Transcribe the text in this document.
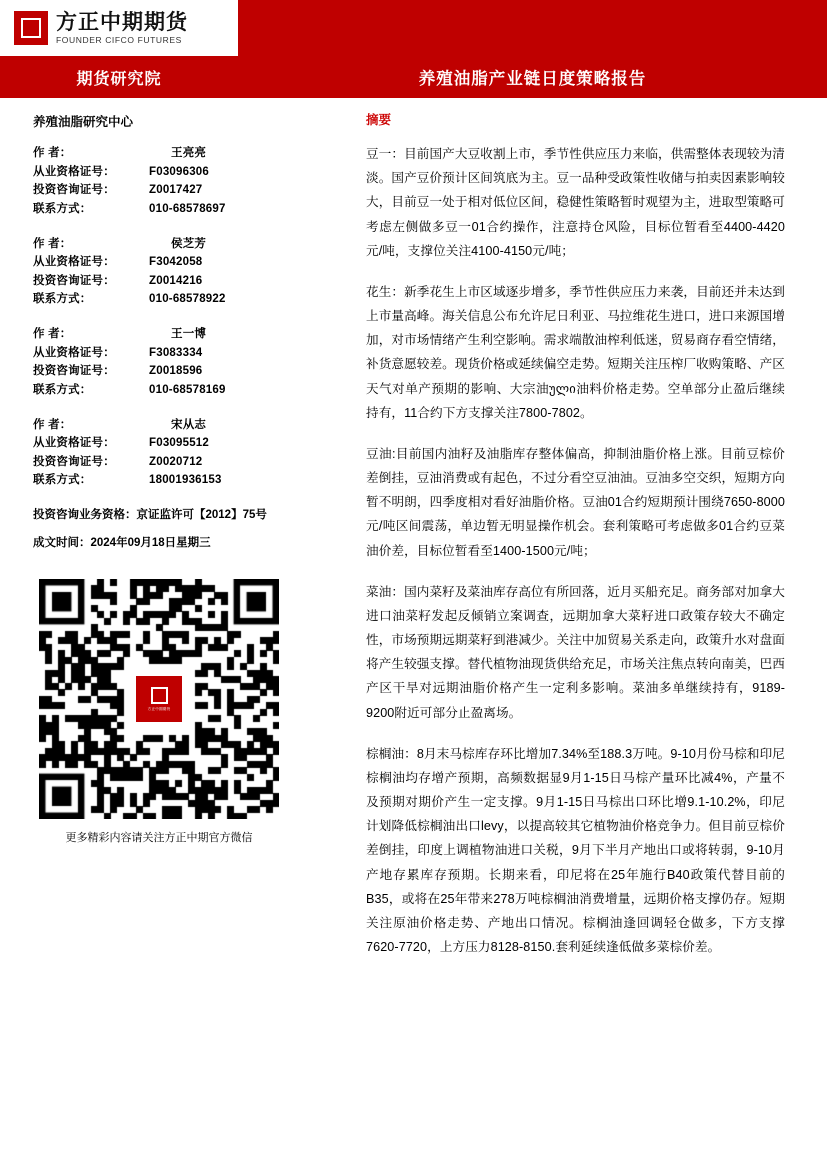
方正中期期货
FOUNDER CIFCO FUTURES
期货研究院	养殖油脂产业链日度策略报告
养殖油脂研究中心
作 者：	王亮亮
从业资格证号：	F03096306
投资咨询证号：	Z0017427
联系方式：	010-68578697
作 者：	侯芝芳
从业资格证号：	F3042058
投资咨询证号：	Z0014216
联系方式：	010-68578922
作 者：	王一博
从业资格证号：	F3083334
投资咨询证号：	Z0018596
联系方式：	010-68578169
作 者：	宋从志
从业资格证号：	F03095512
投资咨询证号：	Z0020712
联系方式：	18001936153
投资咨询业务资格：京证监许可【2012】75号
成文时间：2024年09月18日星期三
方正中期期货
更多精彩内容请关注方正中期官方微信
摘要

豆一：目前国产大豆收割上市，季节性供应压力来临，供需整体表现较为清淡。国产豆价预计区间筑底为主。豆一品种受政策性收储与拍卖因素影响较大，目前豆一处于相对低位区间，稳健性策略暂时观望为主，进取型策略可考虑左侧做多豆一01合约操作，注意持仓风险，目标位暂看至4400-4420元/吨，支撑位关注4100-4150元/吨；

花生：新季花生上市区域逐步增多，季节性供应压力来袭，目前还并未达到上市量高峰。海关信息公布允许尼日利亚、马拉维花生进口，进口来源国增加，对市场情绪产生利空影响。需求端散油榨利低迷，贸易商存看空情绪，补货意愿较差。现货价格或延续偏空走势。短期关注压榨厂收购策略、产区天气对单产预期的影响、大宗油ული油料价格走势。空单部分止盈后继续持有，11合约下方支撑关注7800-7802。

豆油:目前国内油籽及油脂库存整体偏高，抑制油脂价格上涨。目前豆棕价差倒挂，豆油消费或有起色，不过分看空豆油油。豆油多空交织，短期方向暂不明朗，四季度相对看好油脂价格。豆油01合约短期预计围绕7650-8000元/吨区间震荡，单边暂无明显操作机会。套利策略可考虑做多01合约豆菜油价差，目标位暂看至1400-1500元/吨；

菜油：国内菜籽及菜油库存高位有所回落，近月买船充足。商务部对加拿大进口油菜籽发起反倾销立案调查，远期加拿大菜籽进口政策存较大不确定性，市场预期远期菜籽到港减少。关注中加贸易关系走向，政策升水对盘面将产生较强支撑。替代植物油现货供给充足，市场关注焦点转向南美，巴西产区干旱对远期油脂价格产生一定利多影响。菜油多单继续持有，9189-9200附近可部分止盈离场。

棕榈油：8月末马棕库存环比增加7.34%至188.3万吨。9-10月份马棕和印尼棕榈油均存增产预期，高频数据显9月1-15日马棕产量环比减4%，产量不及预期对期价产生一定支撑。9月1-15日马棕出口环比增9.1-10.2%，印尼计划降低棕榈油出口levy，以提高较其它植物油价格竞争力。但目前豆棕价差倒挂，印度上调植物油进口关税，9月下半月产地出口或将转弱，9-10月产地存累库存预期。长期来看，印尼将在25年施行B40政策代替目前的B35，或将在25年带来278万吨棕榈油消费增量，远期价格支撑仍存。短期关注原油价格走势、产地出口情况。棕榈油逢回调轻仓做多，下方支撑7620-7720，上方压力8128-8150.套利延续逢低做多菜棕价差。
